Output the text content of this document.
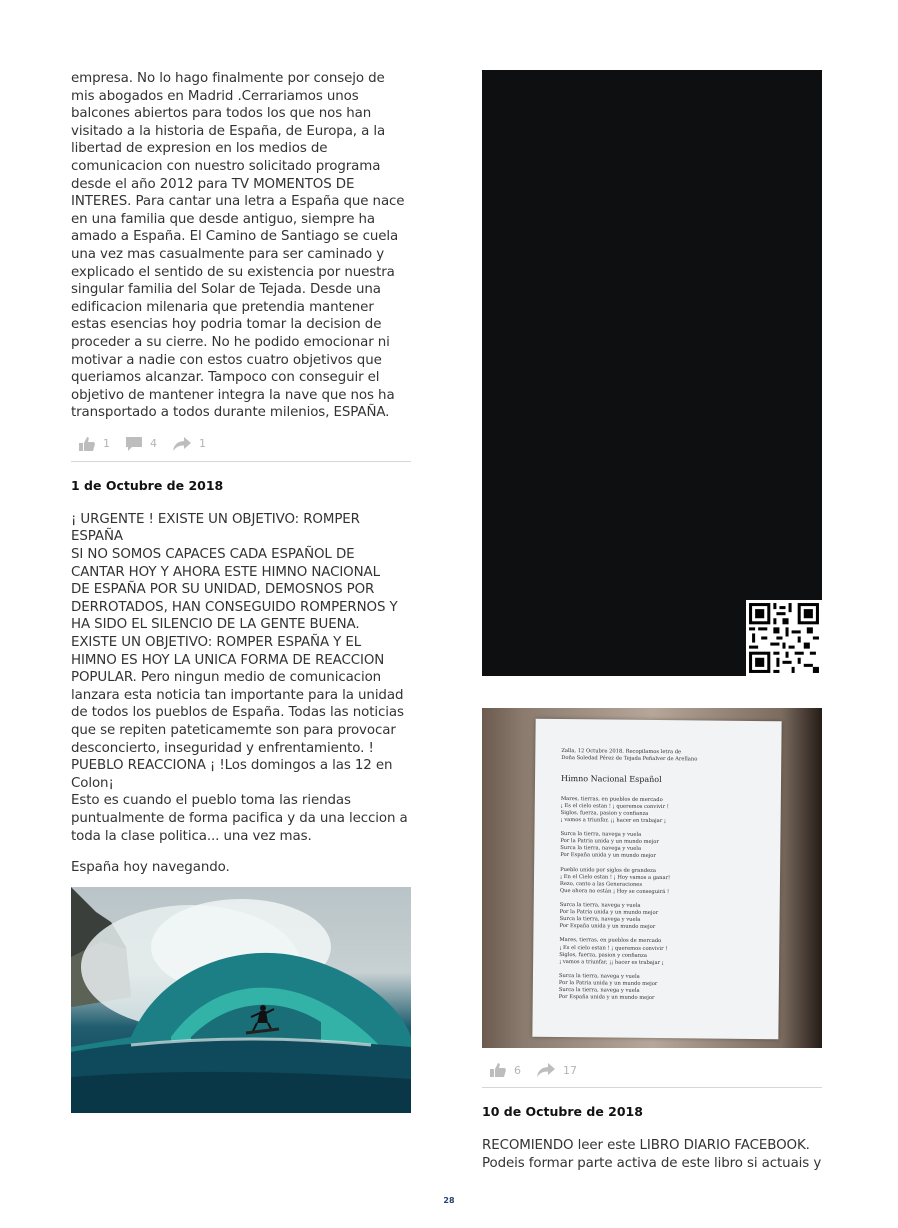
empresa. No lo hago finalmente por consejo de
mis abogados en Madrid .Cerrariamos unos
balcones abiertos para todos los que nos han
visitado a la historia de España, de Europa, a la
libertad de expresion en los medios de
comunicacion con nuestro solicitado programa
desde el año 2012 para TV MOMENTOS DE
INTERES. Para cantar una letra a España que nace
en una familia que desde antiguo, siempre ha
amado a España. El Camino de Santiago se cuela
una vez mas casualmente para ser caminado y
explicado el sentido de su existencia por nuestra
singular familia del Solar de Tejada. Desde una
edificacion milenaria que pretendia mantener
estas esencias hoy podria tomar la decision de
proceder a su cierre. No he podido emocionar ni
motivar a nadie con estos cuatro objetivos que
queriamos alcanzar. Tampoco con conseguir el
objetivo de mantener integra la nave que nos ha
transportado a todos durante milenios, ESPAÑA.

1	4	1
1 de Octubre de 2018

¡ URGENTE ! EXISTE UN OBJETIVO: ROMPER
ESPAÑA
SI NO SOMOS CAPACES CADA ESPAÑOL DE
CANTAR HOY Y AHORA ESTE HIMNO NACIONAL
DE ESPAÑA POR SU UNIDAD, DEMOSNOS POR
DERROTADOS, HAN CONSEGUIDO ROMPERNOS Y
HA SIDO EL SILENCIO DE LA GENTE BUENA.
EXISTE UN OBJETIVO: ROMPER ESPAÑA Y EL
HIMNO ES HOY LA UNICA FORMA DE REACCION
POPULAR. Pero ningun medio de comunicacion
lanzara esta noticia tan importante para la unidad
de todos los pueblos de España. Todas las noticias
que se repiten pateticamemte son para provocar
desconcierto, inseguridad y enfrentamiento. !
PUEBLO REACCIONA ¡ !Los domingos a las 12 en
Colon¡
Esto es cuando el pueblo toma las riendas
puntualmente de forma pacifica y da una leccion a
toda la clase politica... una vez mas.

España hoy navegando.

Zalla, 12 Octubre 2018. Recopilamos letra de
Doña Soledad Pérez de Tejada Peñalver de Arellano

Himno Nacional Español

Mares, tierras, en pueblos de mercado
¡ Es el cielo estan ! ¡ queremos convivir !
Siglos, fuerza, pasion y confianza
¡ vamos a triunfar, ¡¡ hacer en trabajar ¡

Surca la tierra, navega y vuela
Por la Patria unida y un mundo mejor
Surca la tierra, navega y vuela
Por España unida y un mundo mejor

Pueblo unido por siglos de grandeza
¡ En el Cielo estan ! ¡ Hoy vamos a ganar!
Rezo, canto a las Generaciones
Que ahora no están ¡ Hoy se conseguirá !

Surca la tierra, navega y vuela
Por la Patria unida y un mundo mejor
Surca la tierra, navega y vuela
Por España unida y un mundo mejor

Mares, tierras, en pueblos de mercado
¡ Es el cielo estan ! ¡ queremos convivir !
Siglos, fuerza, pasion y confianza
¡ vamos a triunfar, ¡¡ hacer es trabajar ¡

Surca la tierra, navega y vuela
Por la Patria unida y un mundo mejor
Surca la tierra, navega y vuela
Por España unida y un mundo mejor

6	17
10 de Octubre de 2018

RECOMIENDO leer este LIBRO DIARIO FACEBOOK.
Podeis formar parte activa de este libro si actuais y

28
